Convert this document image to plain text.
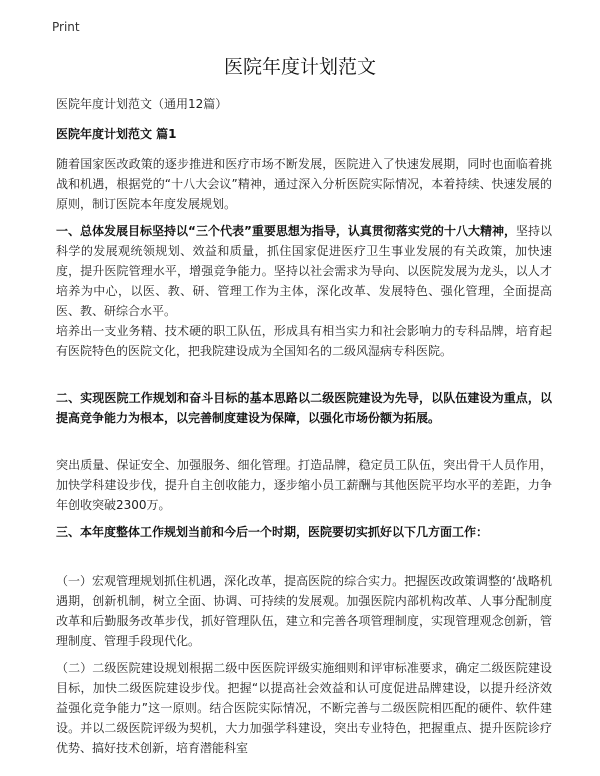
Print
医院年度计划范文
医院年度计划范文（通用12篇）
医院年度计划范文 篇1

随着国家医改政策的逐步推进和医疗市场不断发展，医院进入了快速发展期，同时也面临着挑战和机遇，根据党的“十八大会议”精神，通过深入分析医院实际情况，本着持续、快速发展的原则，制订医院本年度发展规划。

一、总体发展目标坚持以“三个代表”重要思想为指导，认真贯彻落实党的十八大精神，坚持以科学的发展观统领规划、效益和质量，抓住国家促进医疗卫生事业发展的有关政策，加快速度，提升医院管理水平，增强竞争能力。坚持以社会需求为导向、以医院发展为龙头，以人才培养为中心，以医、教、研、管理工作为主体，深化改革、发展特色、强化管理，全面提高医、教、研综合水平。

培养出一支业务精、技术硬的职工队伍，形成具有相当实力和社会影响力的专科品牌，培育起有医院特色的医院文化，把我院建设成为全国知名的二级风湿病专科医院。

二、实现医院工作规划和奋斗目标的基本思路以二级医院建设为先导，以队伍建设为重点，以提高竞争能力为根本，以完善制度建设为保障，以强化市场份额为拓展。

突出质量、保证安全、加强服务、细化管理。打造品牌，稳定员工队伍，突出骨干人员作用，加快学科建设步伐，提升自主创收能力，逐步缩小员工薪酬与其他医院平均水平的差距，力争年创收突破2300万。

三、本年度整体工作规划当前和今后一个时期，医院要切实抓好以下几方面工作：

（一）宏观管理规划抓住机遇，深化改革，提高医院的综合实力。把握医改政策调整的‘战略机遇期，创新机制，树立全面、协调、可持续的发展观。加强医院内部机构改革、人事分配制度改革和后勤服务改革步伐，抓好管理队伍，建立和完善各项管理制度，实现管理观念创新，管理制度、管理手段现代化。

（二）二级医院建设规划根据二级中医医院评级实施细则和评审标准要求，确定二级医院建设目标，加快二级医院建设步伐。把握“以提高社会效益和认可度促进品牌建设，以提升经济效益强化竞争能力”这一原则。结合医院实际情况，不断完善与二级医院相匹配的硬件、软件建设。并以二级医院评级为契机，大力加强学科建设，突出专业特色，把握重点、提升医院诊疗优势、搞好技术创新，培育潜能科室
